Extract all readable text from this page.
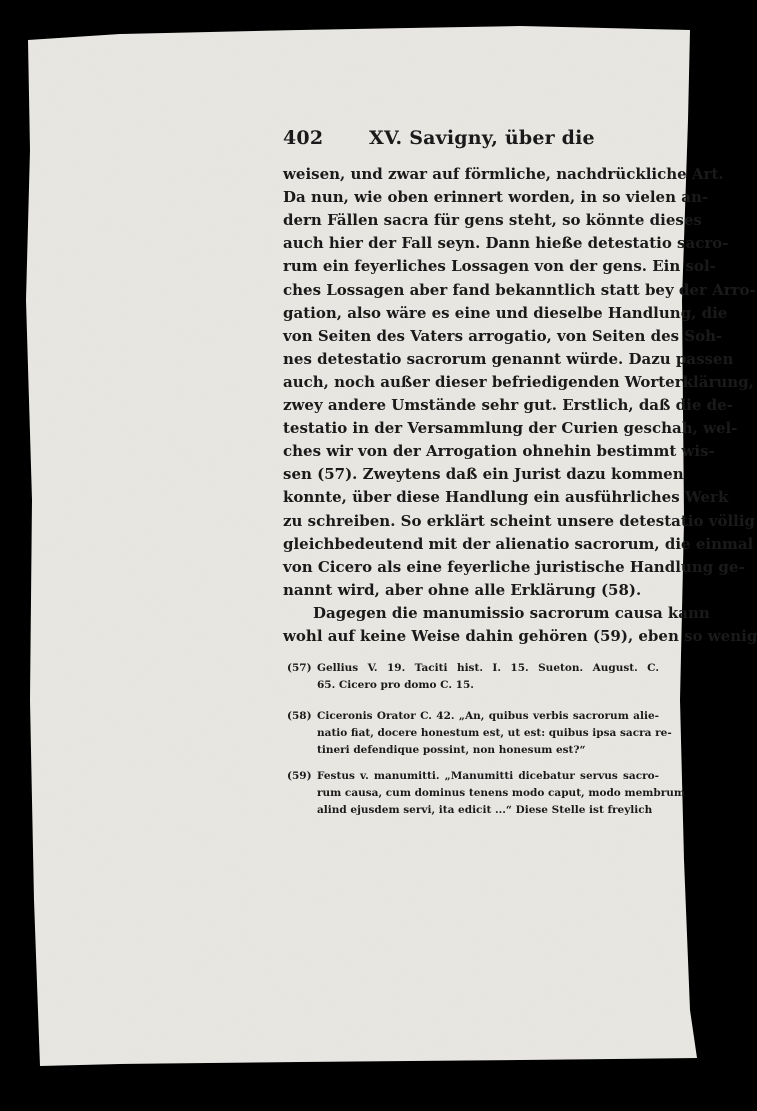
402 XV. Savigny, über die
weisen, und zwar auf förmliche, nachdrückliche Art.
Da nun, wie oben erinnert worden, in so vielen an-
dern Fällen sacra für gens steht, so könnte dieses
auch hier der Fall seyn. Dann hieße detestatio sacro-
rum ein feyerliches Lossagen von der gens. Ein sol-
ches Lossagen aber fand bekanntlich statt bey der Arro-
gation, also wäre es eine und dieselbe Handlung, die
von Seiten des Vaters arrogatio, von Seiten des Soh-
nes detestatio sacrorum genannt würde. Dazu passen
auch, noch außer dieser befriedigenden Worterklärung,
zwey andere Umstände sehr gut. Erstlich, daß die de-
testatio in der Versammlung der Curien geschah, wel-
ches wir von der Arrogation ohnehin bestimmt wis-
sen (57). Zweytens daß ein Jurist dazu kommen
konnte, über diese Handlung ein ausführliches Werk
zu schreiben. So erklärt scheint unsere detestatio völlig
gleichbedeutend mit der alienatio sacrorum, die einmal
von Cicero als eine feyerliche juristische Handlung ge-
nannt wird, aber ohne alle Erklärung (58).
Dagegen die manumissio sacrorum causa kann
wohl auf keine Weise dahin gehören (59), eben so wenig
(57) Gellius V. 19. Taciti hist. I. 15. Sueton. August. C.
65. Cicero pro domo C. 15.
(58) Ciceronis Orator C. 42. „An, quibus verbis sacrorum alie-
natio fiat, docere honestum est, ut est: quibus ipsa sacra re-
tineri defendique possint, non honesum est?“
(59) Festus v. manumitti. „Manumitti dicebatur servus sacro-
rum causa, cum dominus tenens modo caput, modo membrum
alind ejusdem servi, ita edicit ...“ Diese Stelle ist freylich
